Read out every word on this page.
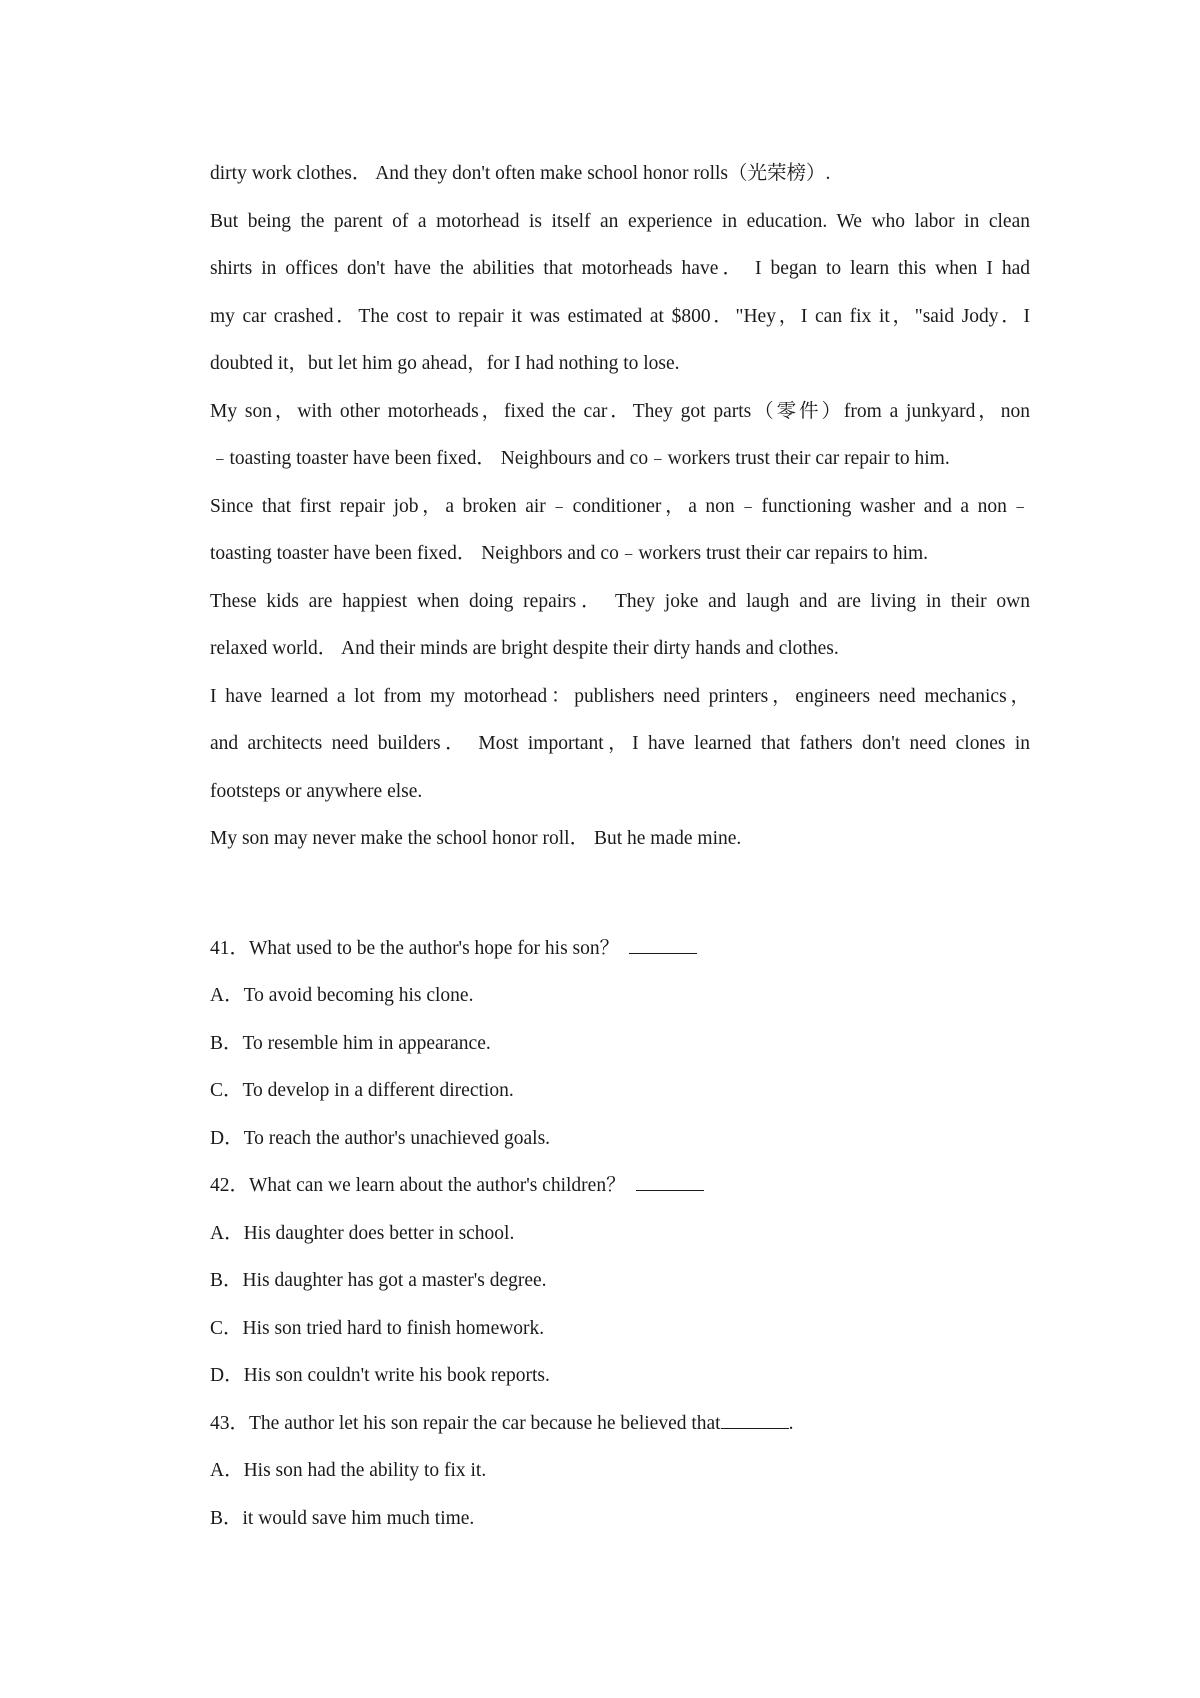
dirty work clothes． And they don't often make school honor rolls（光荣榜）.
But being the parent of a motorhead is itself an experience in education. We who labor in clean
shirts in offices don't have the abilities that motorheads have． I began to learn this when I had
my car crashed．The cost to repair it was estimated at $800．"Hey，I can fix it，"said Jody．I
doubted it，but let him go ahead，for I had nothing to lose.
My son，with other motorheads，fixed the car．They got parts（零件）from a junkyard，non
﹣toasting toaster have been fixed． Neighbours and co﹣workers trust their car repair to him.
Since that first repair job，a broken air﹣conditioner，a non﹣functioning washer and a non﹣
toasting toaster have been fixed． Neighbors and co﹣workers trust their car repairs to him.
These kids are happiest when doing repairs． They joke and laugh and are living in their own
relaxed world． And their minds are bright despite their dirty hands and clothes.
I have learned a lot from my motorhead：publishers need printers，engineers need mechanics，
and architects need builders． Most important，I have learned that fathers don't need clones in
footsteps or anywhere else.
My son may never make the school honor roll． But he made mine.
41．What used to be the author's hope for his son？
A．To avoid becoming his clone.
B．To resemble him in appearance.
C．To develop in a different direction.
D．To reach the author's unachieved goals.
42．What can we learn about the author's children？
A．His daughter does better in school.
B．His daughter has got a master's degree.
C．His son tried hard to finish homework.
D．His son couldn't write his book reports.
43．The author let his son repair the car because he believed that	.
A．His son had the ability to fix it.
B．it would save him much time.
